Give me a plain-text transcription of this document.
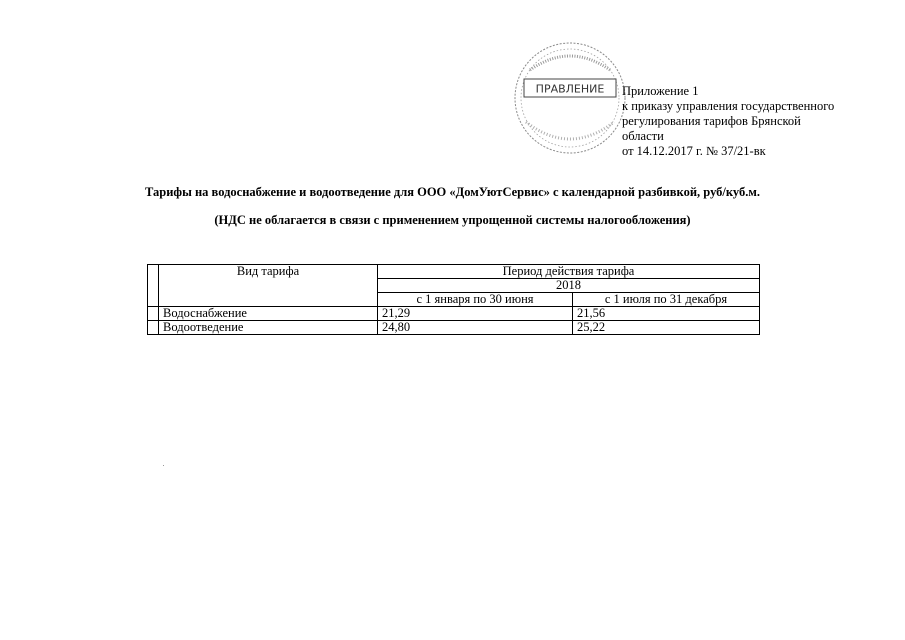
ПРАВЛЕНИЕ Приложение 1
к приказу управления государственного
регулирования тарифов Брянской
области
от 14.12.2017 г. № 37/21-вк
Тарифы на водоснабжение и водоотведение для ООО «ДомУютСервис» с календарной разбивкой, руб/куб.м.
(НДС не облагается в связи с применением упрощенной системы налогообложения)
	Вид тарифа	Период действия тарифа	
		2018	
		с 1 января по 30 июня	с 1 июля по 31 декабря
	Водоснабжение	21,29	21,56
	Водоотведение	24,80	25,22
